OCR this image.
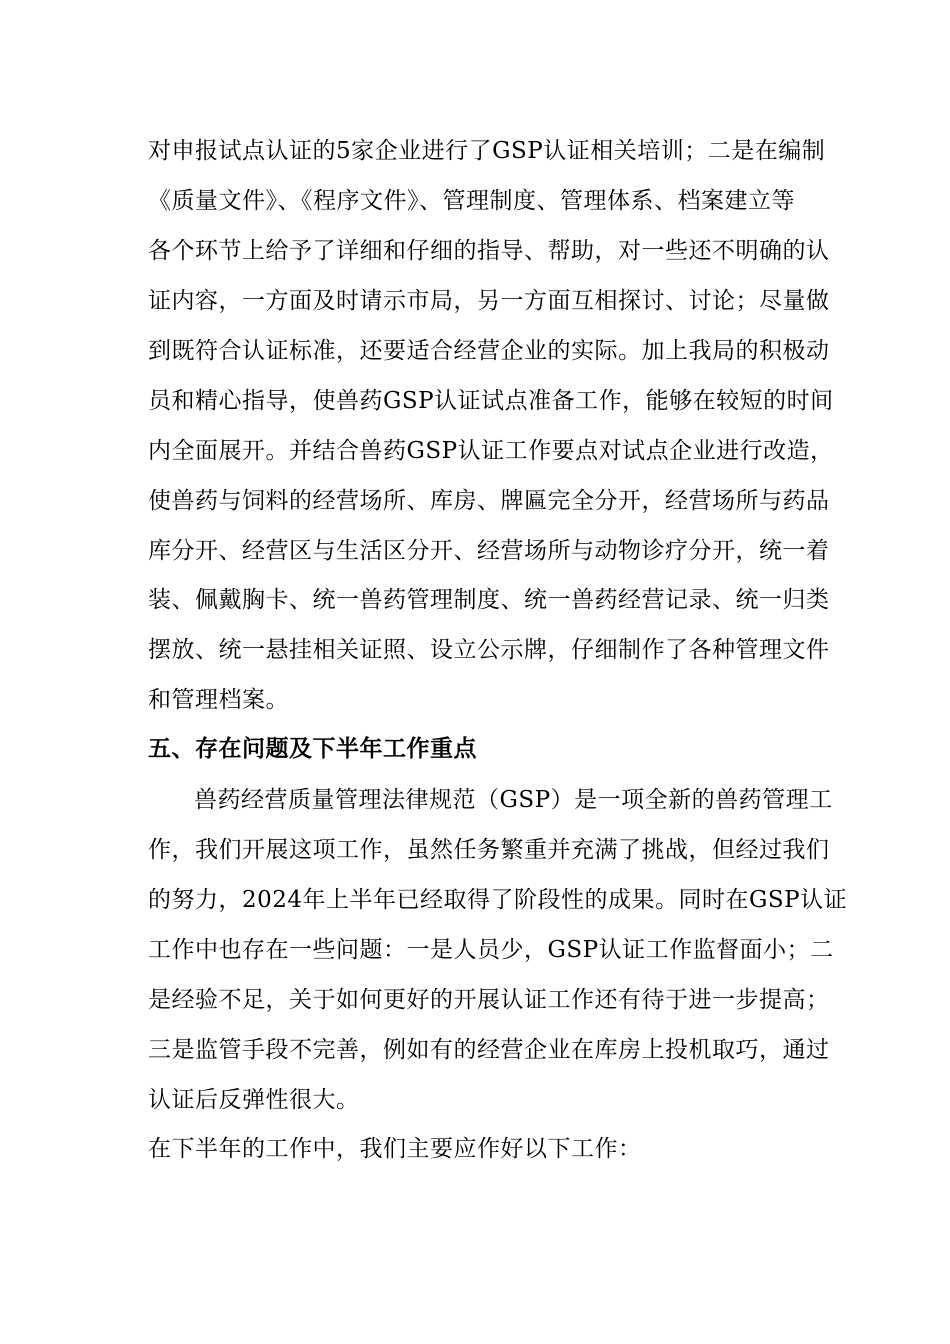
对申报试点认证的5家企业进行了GSP认证相关培训；二是在编制
《质量文件》、《程序文件》、管理制度、管理体系、档案建立等
各个环节上给予了详细和仔细的指导、帮助，对一些还不明确的认
证内容，一方面及时请示市局，另一方面互相探讨、讨论；尽量做
到既符合认证标准，还要适合经营企业的实际。加上我局的积极动
员和精心指导，使兽药GSP认证试点准备工作，能够在较短的时间
内全面展开。并结合兽药GSP认证工作要点对试点企业进行改造，
使兽药与饲料的经营场所、库房、牌匾完全分开，经营场所与药品
库分开、经营区与生活区分开、经营场所与动物诊疗分开，统一着
装、佩戴胸卡、统一兽药管理制度、统一兽药经营记录、统一归类
摆放、统一悬挂相关证照、设立公示牌，仔细制作了各种管理文件
和管理档案。
五、存在问题及下半年工作重点
兽药经营质量管理法律规范（GSP）是一项全新的兽药管理工
作，我们开展这项工作，虽然任务繁重并充满了挑战，但经过我们
的努力，2024年上半年已经取得了阶段性的成果。同时在GSP认证
工作中也存在一些问题：一是人员少，GSP认证工作监督面小；二
是经验不足，关于如何更好的开展认证工作还有待于进一步提高；
三是监管手段不完善，例如有的经营企业在库房上投机取巧，通过
认证后反弹性很大。
在下半年的工作中，我们主要应作好以下工作：
